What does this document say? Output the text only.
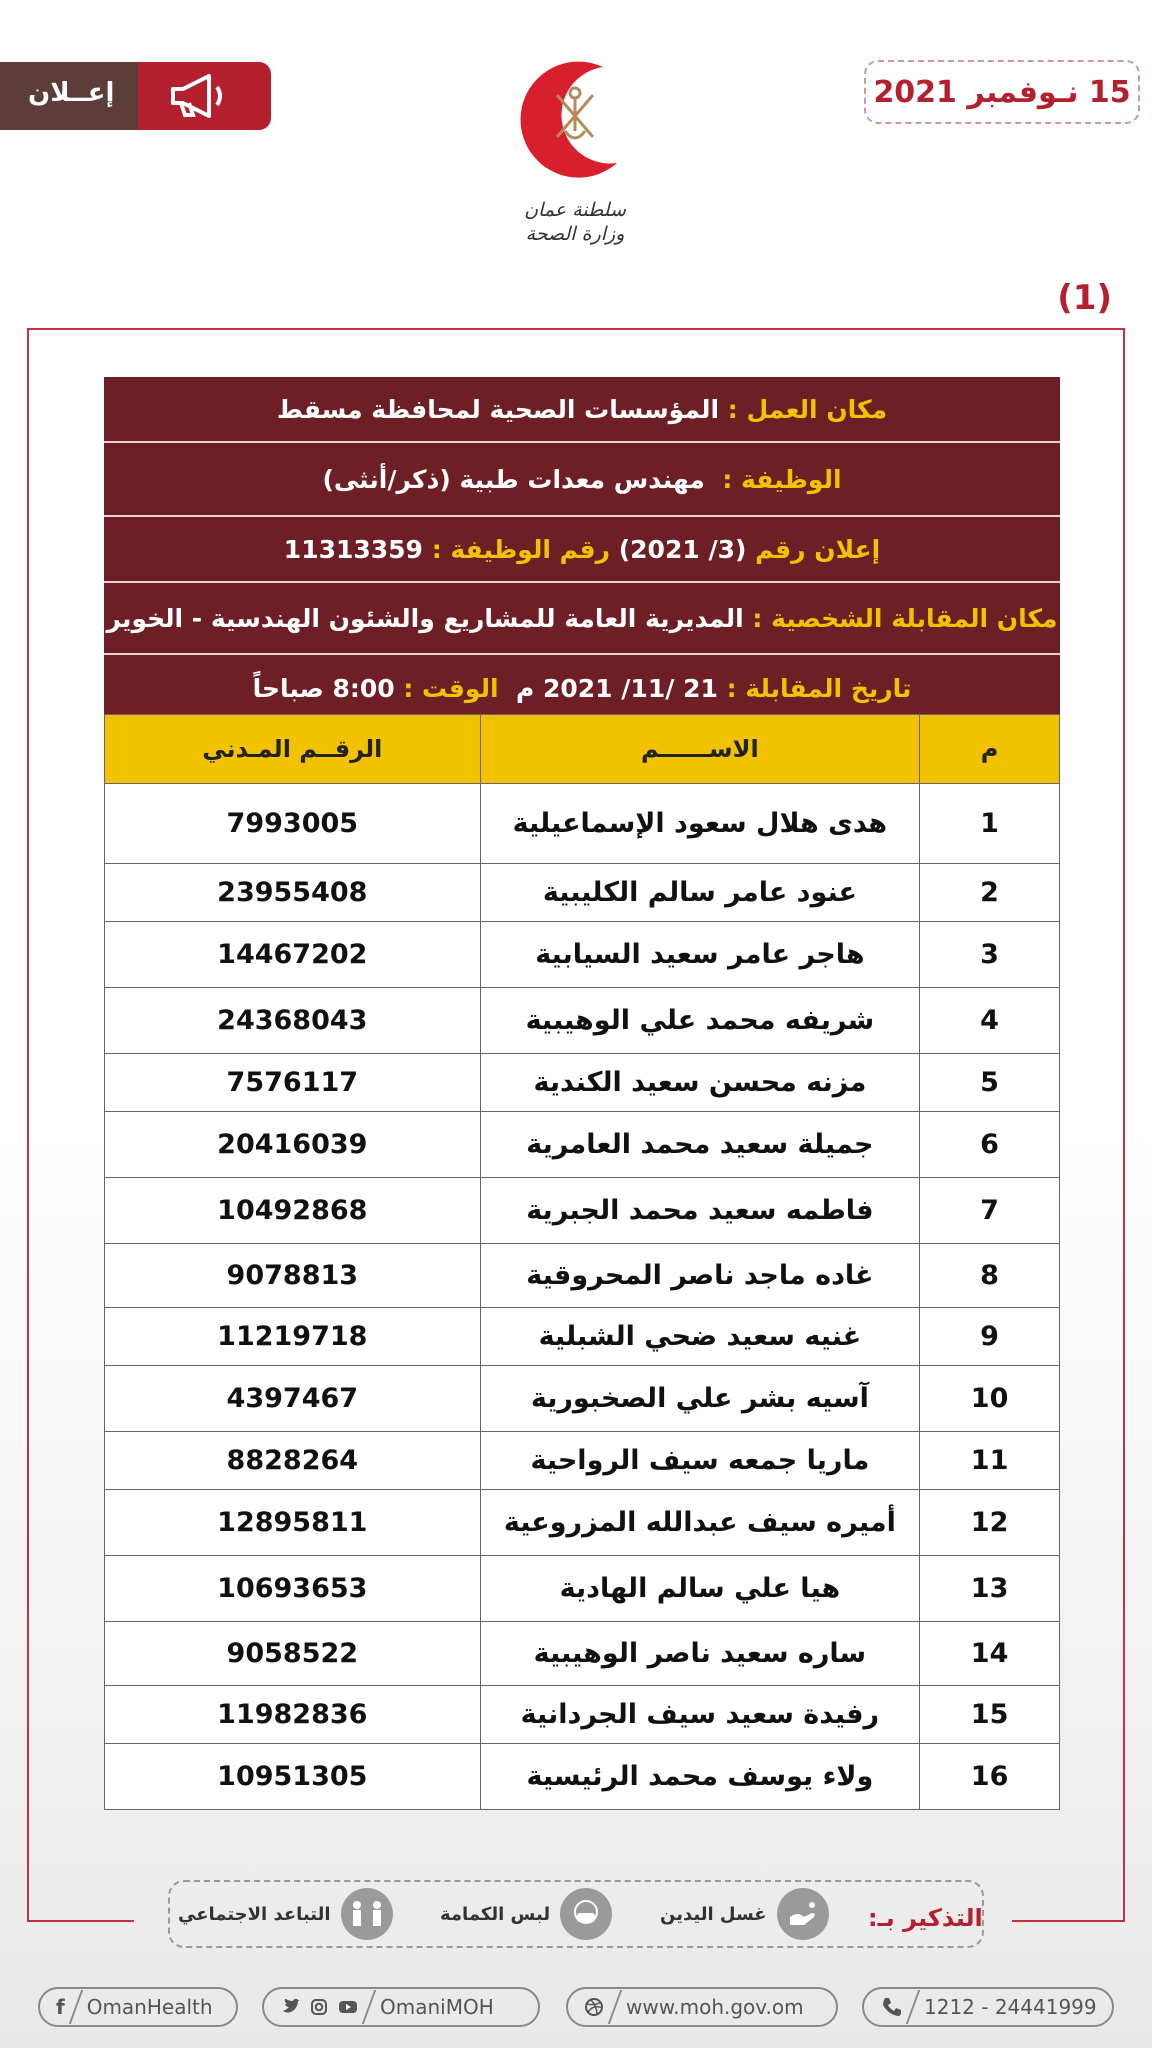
إعــلان	15 نـوفمبر 2021
سلطنة عمان
وزارة الصحة
(1)
مكان العمل :

المؤسسات الصحية لمحافظة مسقط
الوظيفة :

مهندس معدات طبية (ذكر/أنثى)
إعلان رقم

(3/ 2021)

رقم الوظيفة :

11313359
مكان المقابلة الشخصية :

المديرية العامة للمشاريع والشئون الهندسية - الخوير
تاريخ المقابلة :

21 /11/ 2021 م

الوقت :

8:00 صباحاً
الرقــم المـدني	الاســــــم	م
7993005	هدى هلال سعود الإسماعيلية	1
23955408	عنود عامر سالم الكليبية	2
14467202	هاجر عامر سعيد السيابية	3
24368043	شريفه محمد علي الوهيبية	4
7576117	مزنه محسن سعيد الكندية	5
20416039	جميلة سعيد محمد العامرية	6
10492868	فاطمه سعيد محمد الجبرية	7
9078813	غاده ماجد ناصر المحروقية	8
11219718	غنيه سعيد ضحي الشبلية	9
4397467	آسيه بشر علي الصخبورية	10
8828264	ماريا جمعه سيف الرواحية	11
12895811	أميره سيف عبدالله المزروعية	12
10693653	هيا علي سالم الهادية	13
9058522	ساره سعيد ناصر الوهيبية	14
11982836	رفيدة سعيد سيف الجردانية	15
10951305	ولاء يوسف محمد الرئيسية	16
التذكير بـ:
غسل اليدين
لبس الكمامة
التباعد الاجتماعي
f OmanHealth	OmaniMOH	www.moh.gov.om	1212 - 24441999
